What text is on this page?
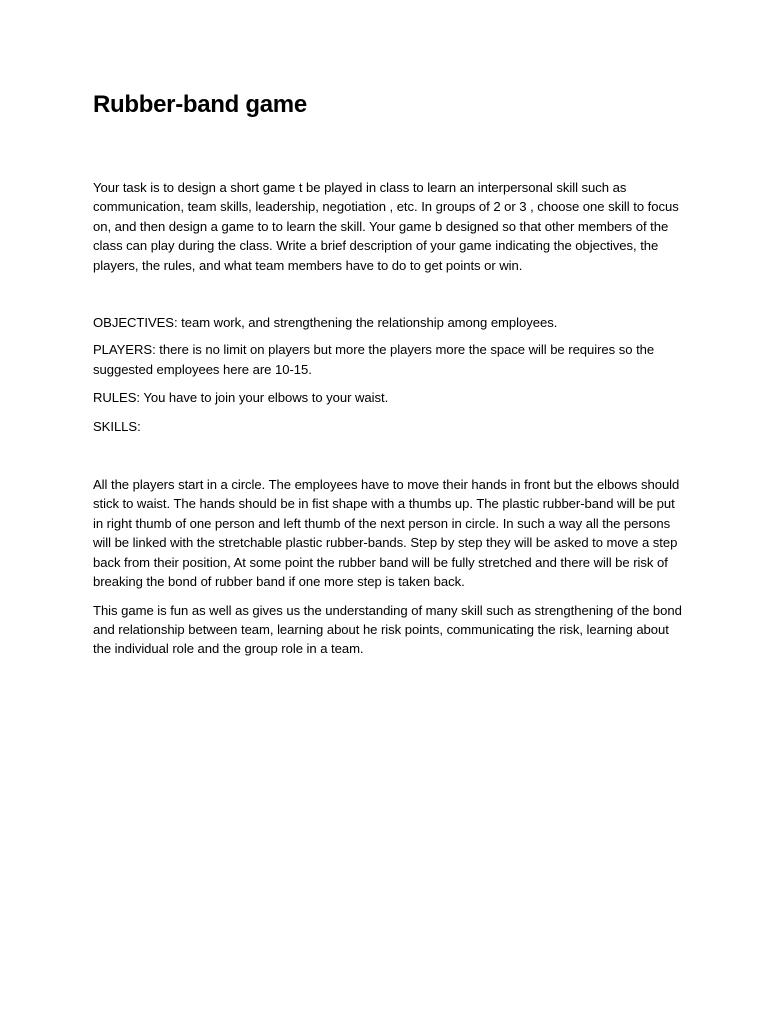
Rubber-band game

Your task is to design a short game t be played in class to learn an interpersonal skill such as communication, team skills, leadership, negotiation , etc. In groups of 2 or 3 , choose one skill to focus on, and then design a game to to learn the skill. Your game b designed so that other members of the class can play during the class. Write a brief description of your game indicating the objectives, the players, the rules, and what team members have to do to get points or win.

OBJECTIVES: team work, and strengthening the relationship among employees.

PLAYERS: there is no limit on players but more the players more the space will be requires so the suggested employees here are 10-15.

RULES: You have to join your elbows to your waist.

SKILLS:

All the players start in a circle. The employees have to move their hands in front but the elbows should stick to waist. The hands should be in fist shape with a thumbs up. The plastic rubber-band will be put in right thumb of one person and left thumb of the next person in circle. In such a way all the persons will be linked with the stretchable plastic rubber-bands. Step by step they will be asked to move a step back from their position, At some point the rubber band will be fully stretched and there will be risk of breaking the bond of rubber band if one more step is taken back.

This game is fun as well as gives us the understanding of many skill such as strengthening of the bond and relationship between team, learning about he risk points, communicating the risk, learning about the individual role and the group role in a team.
